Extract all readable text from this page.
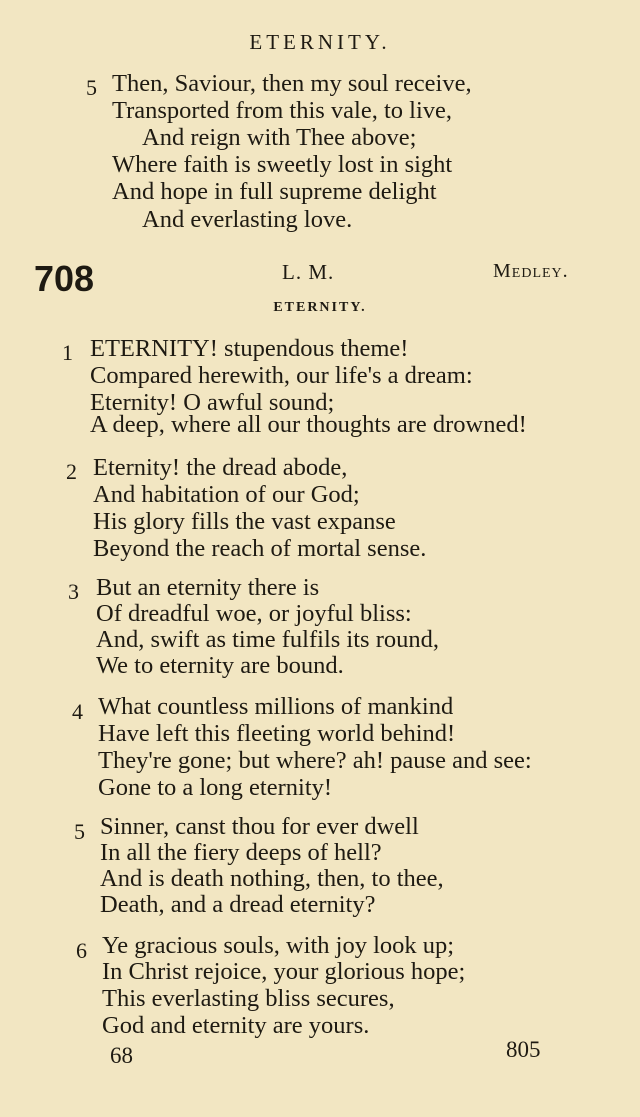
ETERNITY.
5 Then, Saviour, then my soul receive,
Transported from this vale, to live,
And reign with Thee above;
Where faith is sweetly lost in sight
And hope in full supreme delight
And everlasting love.
708	L. M.	Medley.
ETERNITY.
1 ETERNITY! stupendous theme!
Compared herewith, our life's a dream:
Eternity! O awful sound;
A deep, where all our thoughts are drowned!
2 Eternity! the dread abode,
And habitation of our God;
His glory fills the vast expanse
Beyond the reach of mortal sense.
3 But an eternity there is
Of dreadful woe, or joyful bliss:
And, swift as time fulfils its round,
We to eternity are bound.
4 What countless millions of mankind
Have left this fleeting world behind!
They're gone; but where? ah! pause and see:
Gone to a long eternity!
5 Sinner, canst thou for ever dwell
In all the fiery deeps of hell?
And is death nothing, then, to thee,
Death, and a dread eternity?
6 Ye gracious souls, with joy look up;
In Christ rejoice, your glorious hope;
This everlasting bliss secures,
God and eternity are yours.
68	805
